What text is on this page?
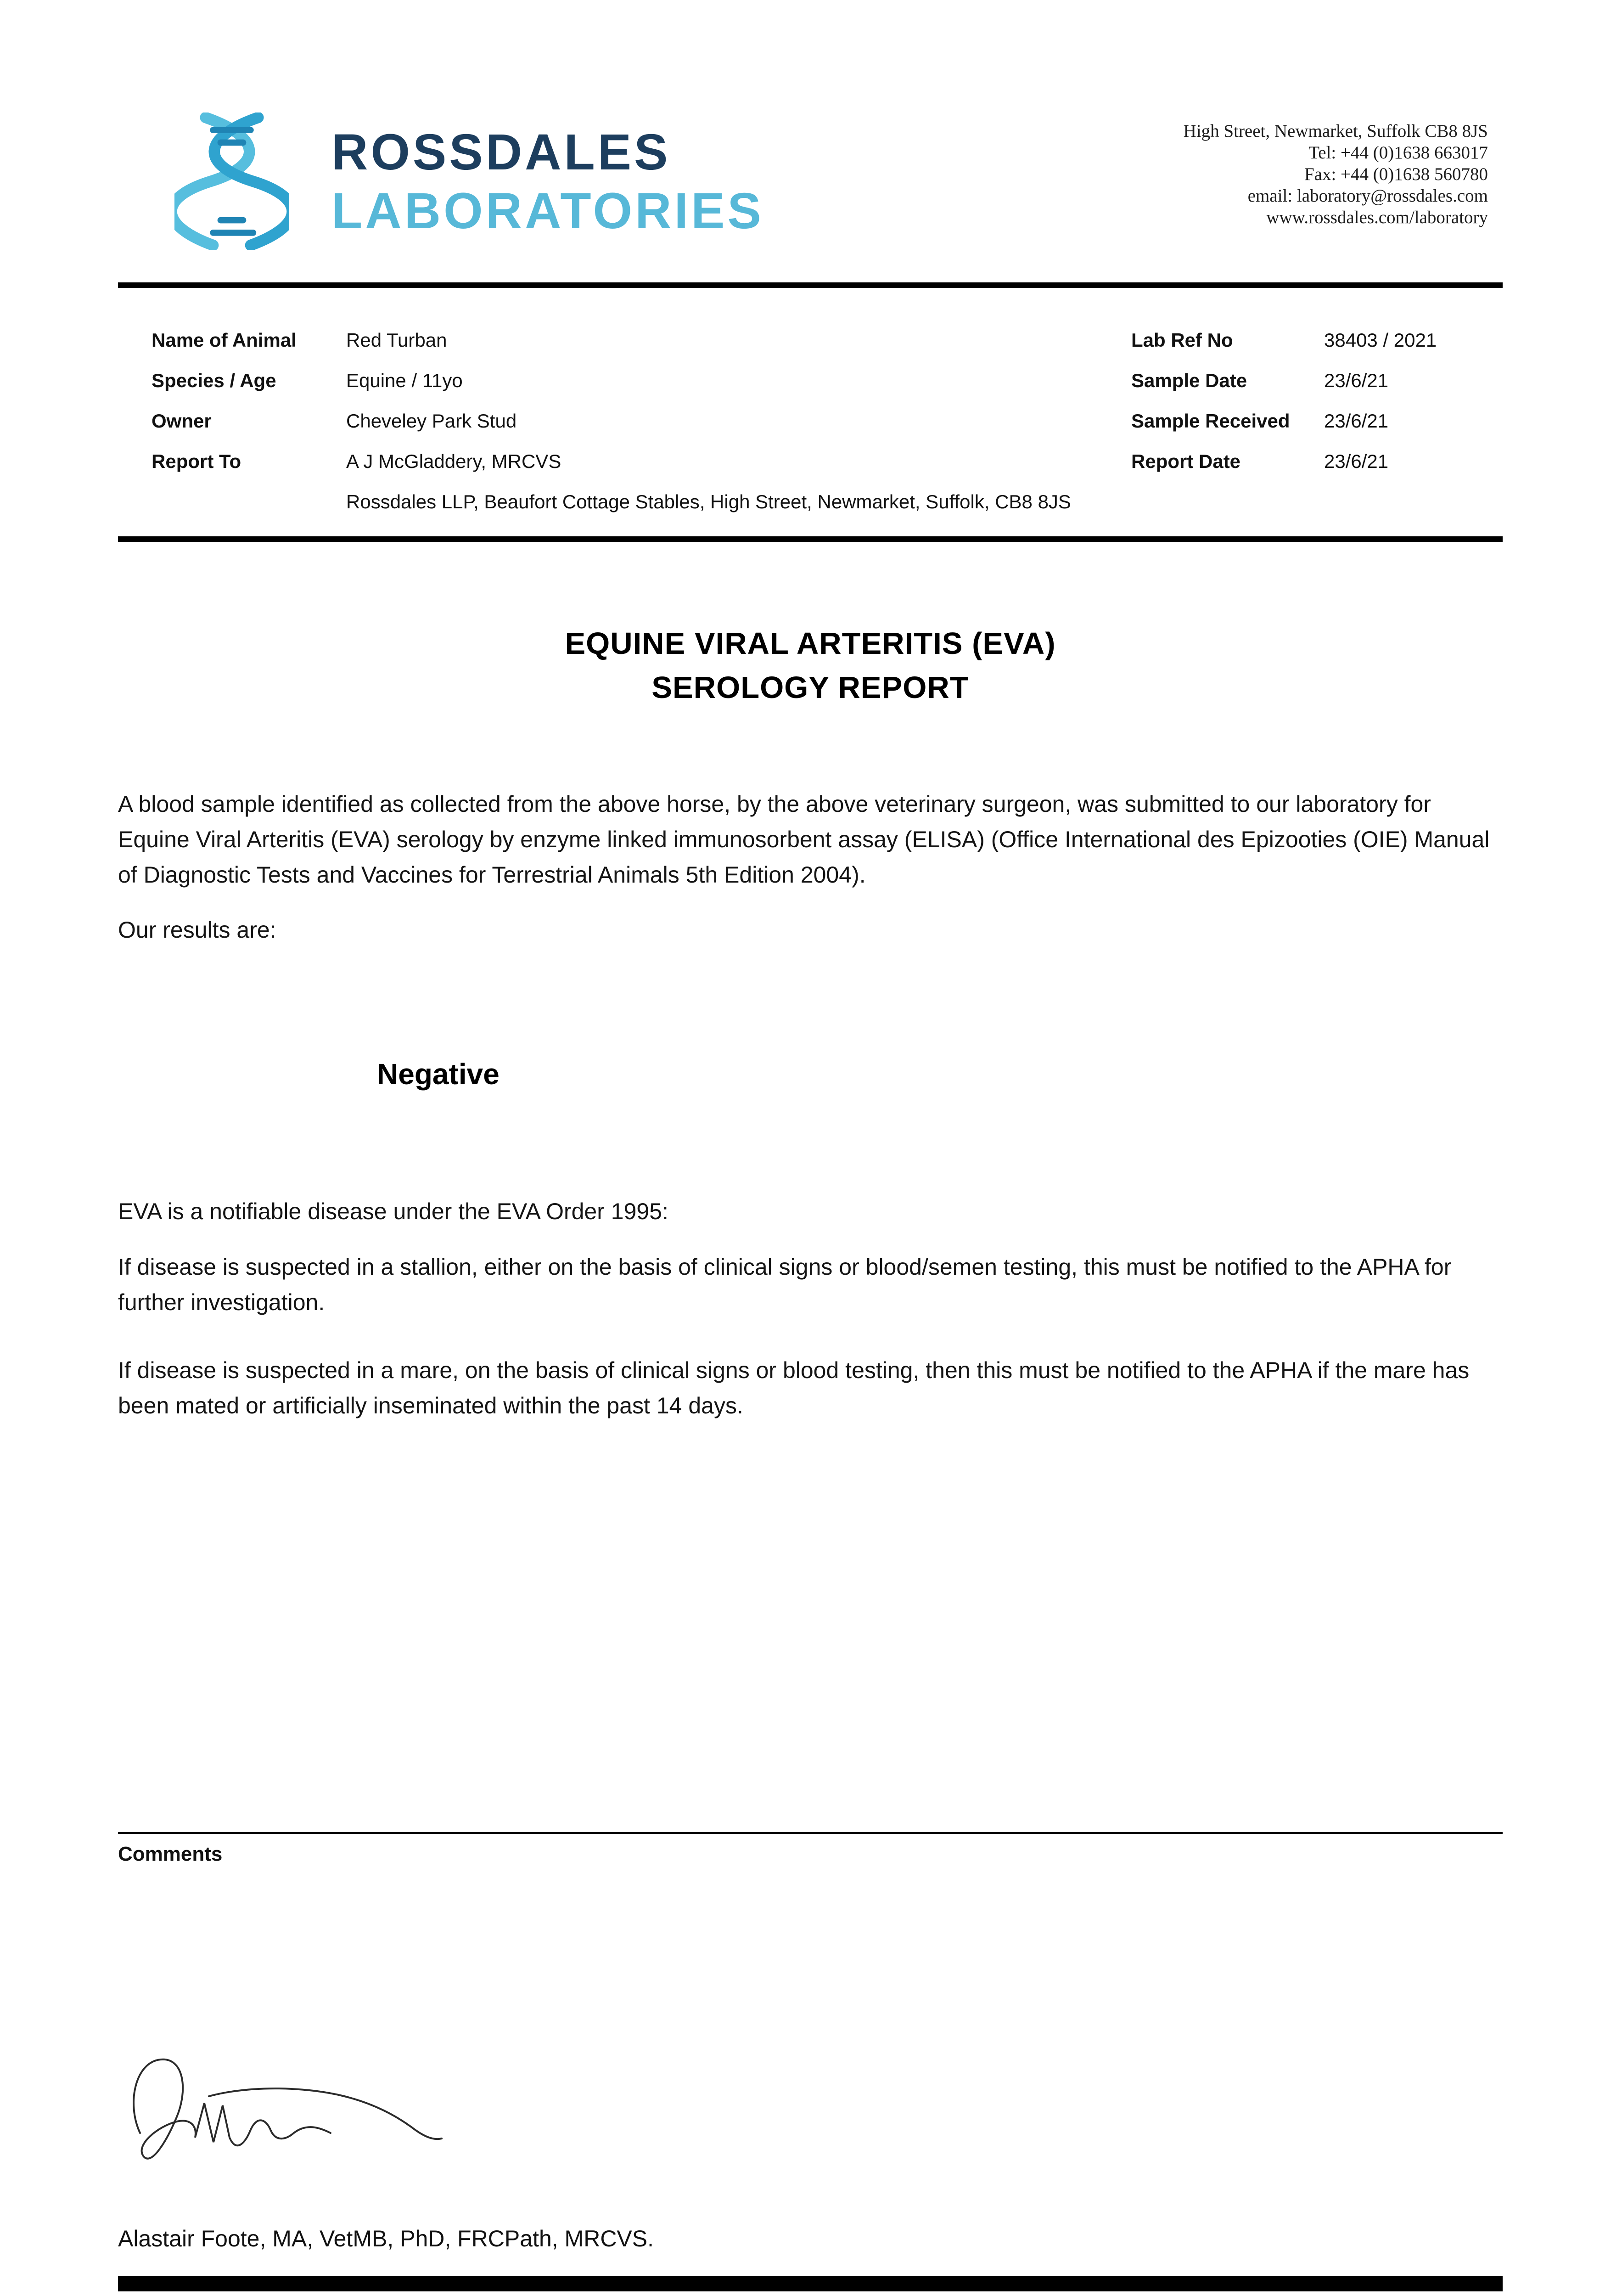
ROSSDALES
LABORATORIES
High Street, Newmarket, Suffolk CB8 8JS
Tel: +44 (0)1638 663017
Fax: +44 (0)1638 560780
email: laboratory@rossdales.com
www.rossdales.com/laboratory
Name of Animal	Red Turban
Species / Age	Equine / 11yo
Owner	Cheveley Park Stud
Report To	A J McGladdery, MRCVS
Rossdales LLP, Beaufort Cottage Stables, High Street, Newmarket, Suffolk, CB8 8JS
Lab Ref No	38403 / 2021
Sample Date	23/6/21
Sample Received	23/6/21
Report Date	23/6/21
EQUINE VIRAL ARTERITIS (EVA)
SEROLOGY REPORT
A blood sample identified as collected from the above horse, by the above veterinary surgeon, was submitted to our laboratory for Equine Viral Arteritis (EVA) serology by enzyme linked immunosorbent assay (ELISA) (Office International des Epizooties (OIE) Manual of Diagnostic Tests and Vaccines for Terrestrial Animals 5th Edition 2004).
Our results are:
Negative
EVA is a notifiable disease under the EVA Order 1995:
If disease is suspected in a stallion, either on the basis of clinical signs or blood/semen testing, this must be notified to the APHA for further investigation.
If disease is suspected in a mare, on the basis of clinical signs or blood testing, then this must be notified to the APHA if the mare has been mated or artificially inseminated within the past 14 days.
Comments
Alastair Foote, MA, VetMB, PhD, FRCPath, MRCVS.
